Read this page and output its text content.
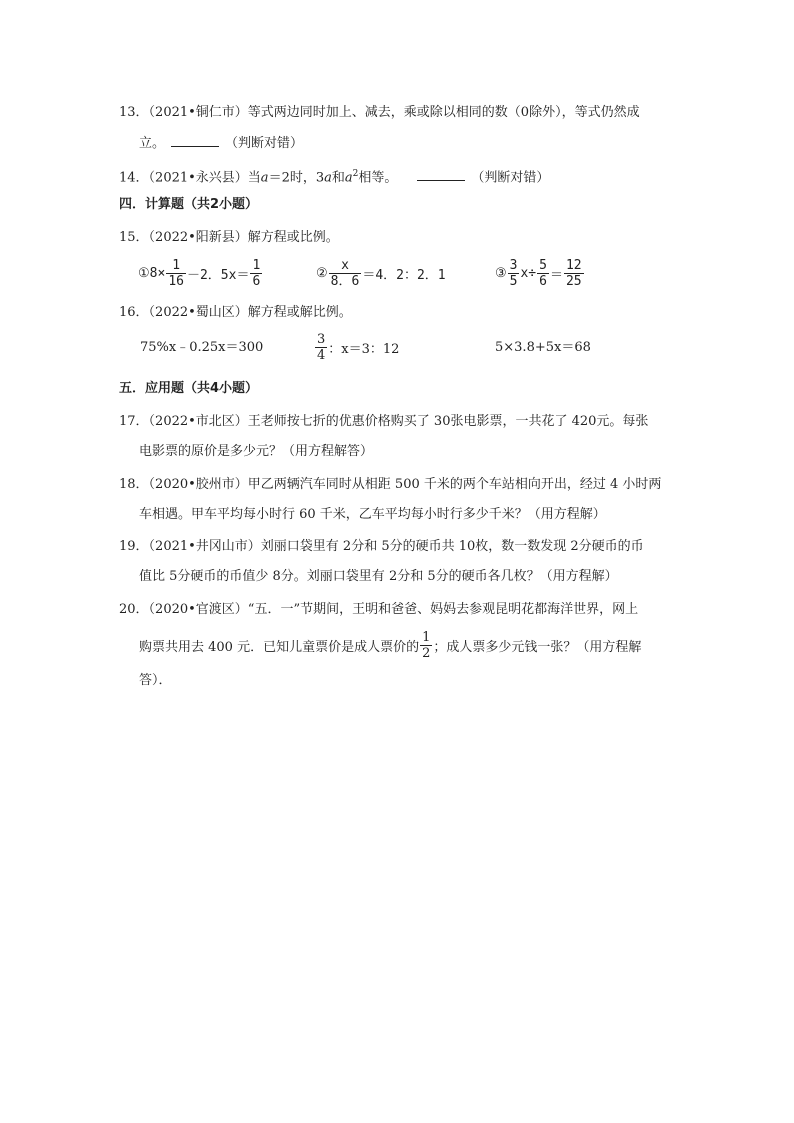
13．（2021•铜仁市）等式两边同时加上、减去，乘或除以相同的数（0除外），等式仍然成
立。	（判断对错）
14．（2021•永兴县）当a＝2时，3a和$a^2$相等。	（判断对错）
四．计算题（共2小题）
15．（2022•阳新县）解方程或比例。
①8× $\frac{1}{16} -2$．$5x= \frac{1}{6}$	② $\frac{x}{8.6} =4$．2：2．1	③ $\frac{3}{5} x\div \frac{5}{6} = \frac{12}{25}$
16．（2022•蜀山区）解方程或解比例。
75%x﹣0.25x＝300	$\frac{3}{4}$ ：x＝3：12	5×3.8+5x＝68
五．应用题（共4小题）
17．（2022•市北区）王老师按七折的优惠价格购买了 30张电影票，一共花了 420元。每张
电影票的原价是多少元？（用方程解答）
18．（2020•胶州市）甲乙两辆汽车同时从相距 500 千米的两个车站相向开出，经过 4 小时两
车相遇。甲车平均每小时行 60 千米，乙车平均每小时行多少千米？（用方程解）
19．（2021•井冈山市）刘丽口袋里有 2分和 5分的硬币共 10枚，数一数发现 2分硬币的币
值比 5分硬币的币值少 8分。刘丽口袋里有 2分和 5分的硬币各几枚？（用方程解）
20．（2020•官渡区）“五．一”节期间，王明和爸爸、妈妈去参观昆明花都海洋世界，网上
购票共用去 400 元．已知儿童票价是成人票价的 $\frac{1}{2}$ ；成人票多少元钱一张？（用方程解
答）．
